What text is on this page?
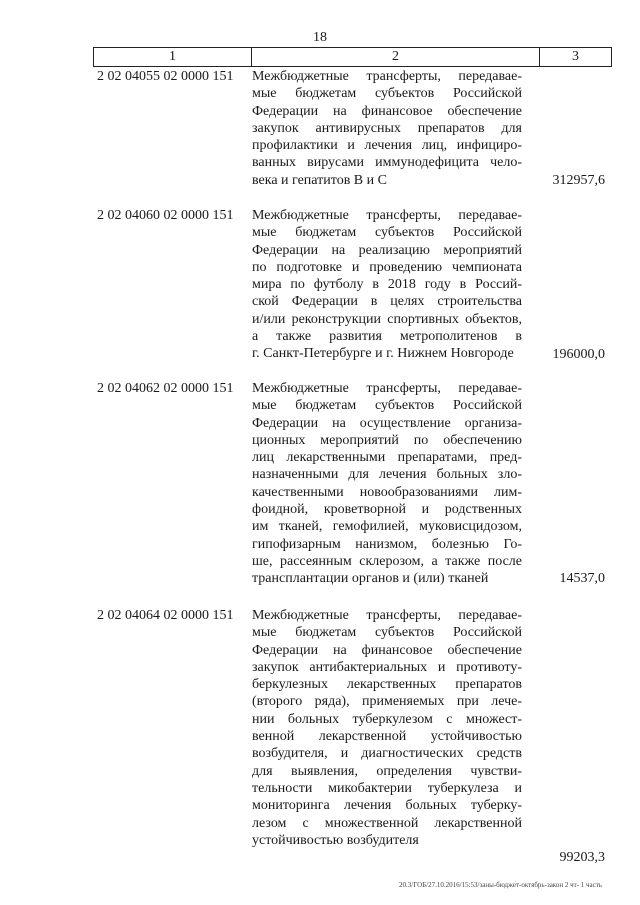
18
1	2	3
2 02 04055 02 0000 151 Межбюджетные трансферты, передавае-
мые бюджетам субъектов Российской
Федерации на финансовое обеспечение
закупок антивирусных препаратов для
профилактики и лечения лиц, инфициро-
ванных вирусами иммунодефицита чело-
века и гепатитов В и С	312957,6
2 02 04060 02 0000 151 Межбюджетные трансферты, передавае-
мые бюджетам субъектов Российской
Федерации на реализацию мероприятий
по подготовке и проведению чемпионата
мира по футболу в 2018 году в Россий-
ской Федерации в целях строительства
и/или реконструкции спортивных объектов,
а также развития метрополитенов в
г. Санкт-Петербурге и г. Нижнем Новгороде	196000,0
2 02 04062 02 0000 151 Межбюджетные трансферты, передавае-
мые бюджетам субъектов Российской
Федерации на осуществление организа-
ционных мероприятий по обеспечению
лиц лекарственными препаратами, пред-
назначенными для лечения больных зло-
качественными новообразованиями лим-
фоидной, кроветворной и родственных
им тканей, гемофилией, муковисцидозом,
гипофизарным нанизмом, болезнью Го-
ше, рассеянным склерозом, а также после
трансплантации органов и (или) тканей	14537,0
2 02 04064 02 0000 151 Межбюджетные трансферты, передавае-
мые бюджетам субъектов Российской
Федерации на финансовое обеспечение
закупок антибактериальных и противоту-
беркулезных лекарственных препаратов
(второго ряда), применяемых при лече-
нии больных туберкулезом с множест-
венной лекарственной устойчивостью
возбудителя, и диагностических средств
для выявления, определения чувстви-
тельности микобактерии туберкулеза и
мониторинга лечения больных туберку-
лезом с множественной лекарственной
устойчивостью возбудителя
99203,3
20.3/ГОБ/27.10.2016/15:53/заны-бюджет-октябрь-закон 2 чт- 1 часть
